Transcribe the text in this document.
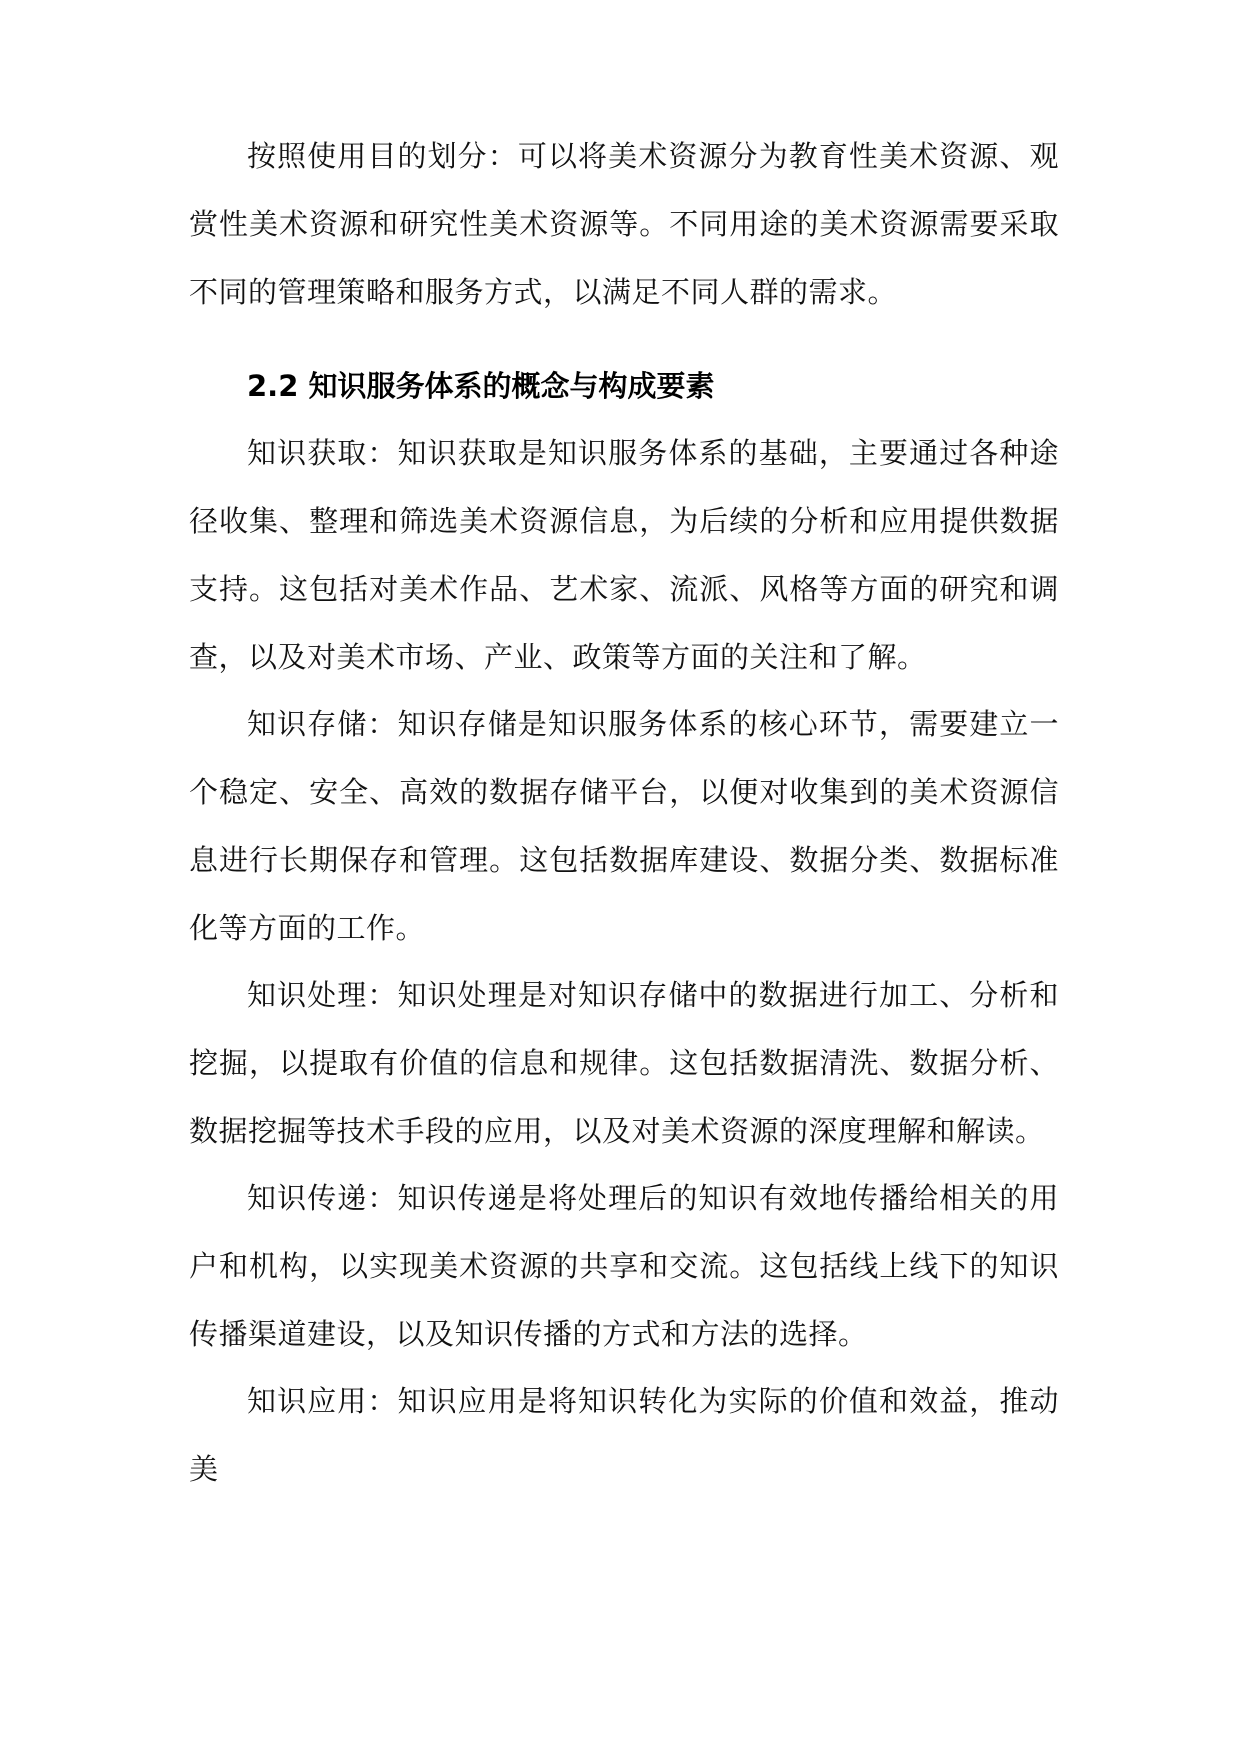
按照使用目的划分：可以将美术资源分为教育性美术资源、观赏性美术资源和研究性美术资源等。不同用途的美术资源需要采取不同的管理策略和服务方式，以满足不同人群的需求。

2.2 知识服务体系的概念与构成要素

知识获取：知识获取是知识服务体系的基础，主要通过各种途径收集、整理和筛选美术资源信息，为后续的分析和应用提供数据支持。这包括对美术作品、艺术家、流派、风格等方面的研究和调查，以及对美术市场、产业、政策等方面的关注和了解。

知识存储：知识存储是知识服务体系的核心环节，需要建立一个稳定、安全、高效的数据存储平台，以便对收集到的美术资源信息进行长期保存和管理。这包括数据库建设、数据分类、数据标准化等方面的工作。

知识处理：知识处理是对知识存储中的数据进行加工、分析和挖掘，以提取有价值的信息和规律。这包括数据清洗、数据分析、数据挖掘等技术手段的应用，以及对美术资源的深度理解和解读。

知识传递：知识传递是将处理后的知识有效地传播给相关的用户和机构，以实现美术资源的共享和交流。这包括线上线下的知识传播渠道建设，以及知识传播的方式和方法的选择。

知识应用：知识应用是将知识转化为实际的价值和效益，推动美
